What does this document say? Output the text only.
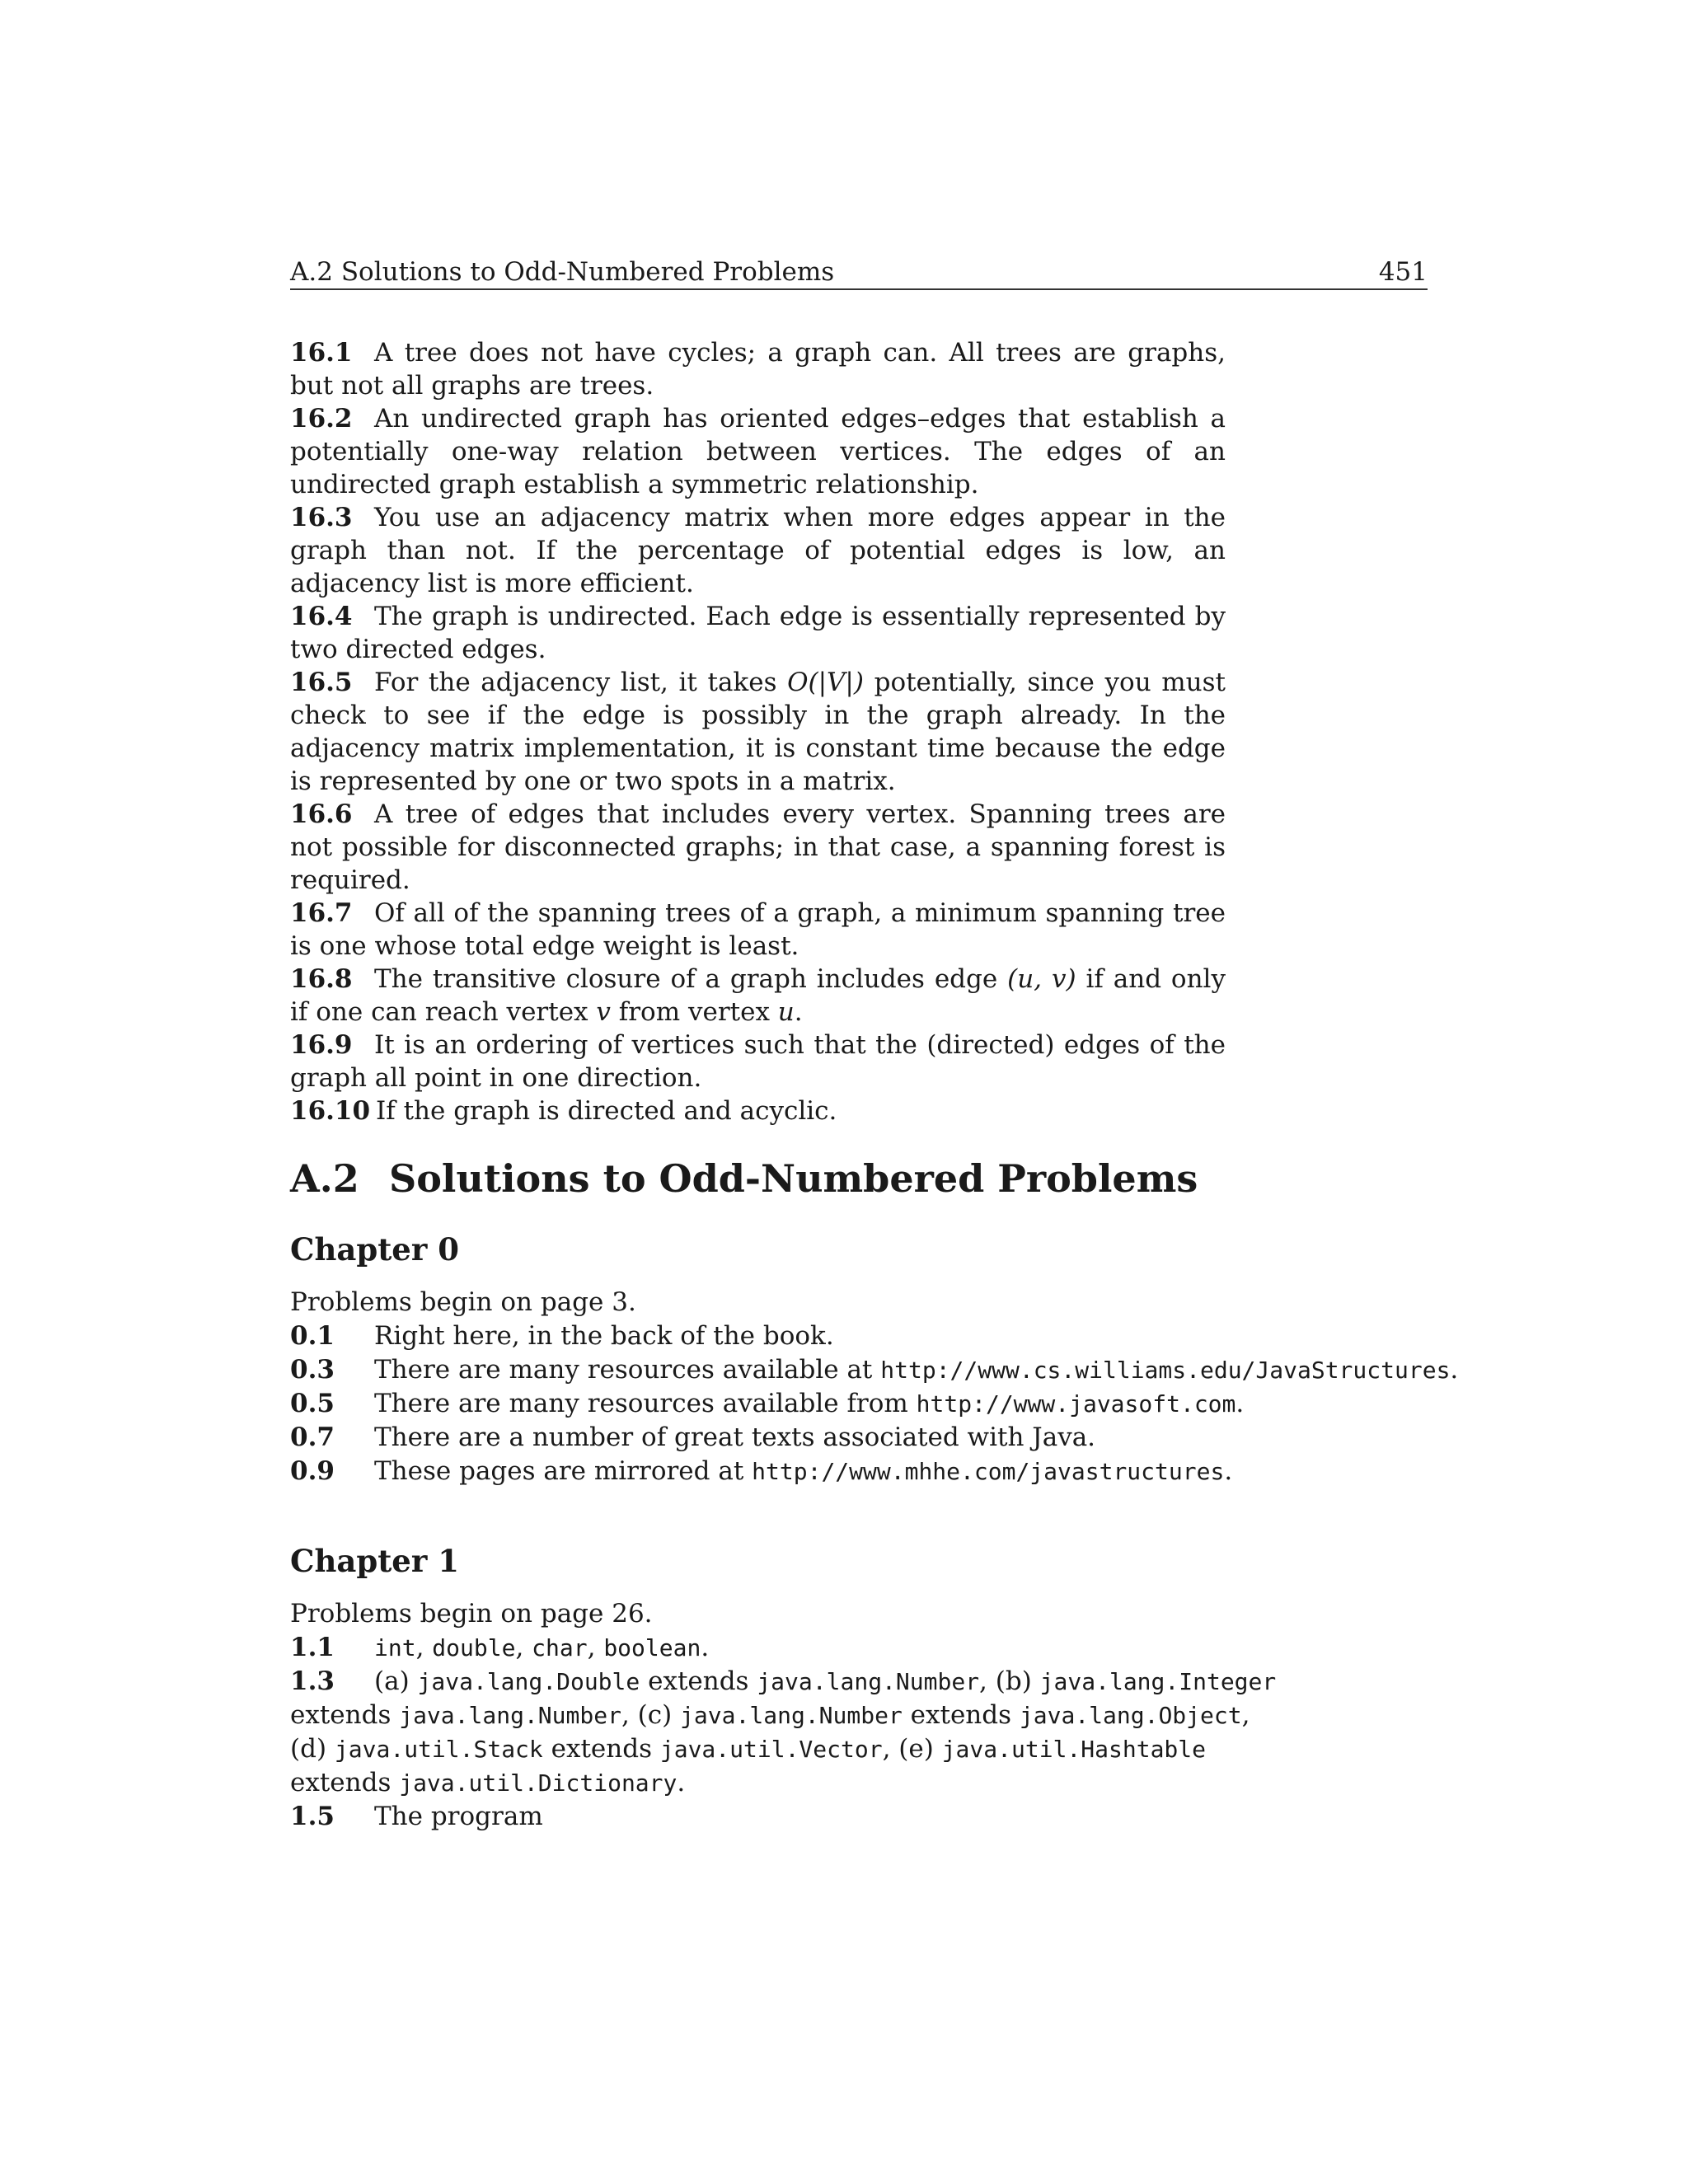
A.2 Solutions to Odd-Numbered Problems	451

16.1 A tree does not have cycles; a graph can. All trees are graphs, but not all graphs are trees.

16.2 An undirected graph has oriented edges–edges that establish a potentially one-way relation between vertices. The edges of an undirected graph establish a symmetric relationship.

16.3 You use an adjacency matrix when more edges appear in the graph than not. If the percentage of potential edges is low, an adjacency list is more efficient.

16.4 The graph is undirected. Each edge is essentially represented by two directed edges.

16.5 For the adjacency list, it takes O(|V|) potentially, since you must check to see if the edge is possibly in the graph already. In the adjacency matrix implementation, it is constant time because the edge is represented by one or two spots in a matrix.

16.6 A tree of edges that includes every vertex. Spanning trees are not possible for disconnected graphs; in that case, a spanning forest is required.

16.7 Of all of the spanning trees of a graph, a minimum spanning tree is one whose total edge weight is least.

16.8 The transitive closure of a graph includes edge (u, v) if and only if one can reach vertex v from vertex u.

16.9 It is an ordering of vertices such that the (directed) edges of the graph all point in one direction.

16.10 If the graph is directed and acyclic.

A.2 Solutions to Odd-Numbered Problems
Chapter 0

Problems begin on page 3.

0.1 Right here, in the back of the book.

0.3 There are many resources available at http://www.cs.williams.edu/JavaStructures.

0.5 There are many resources available from http://www.javasoft.com.

0.7 There are a number of great texts associated with Java.

0.9 These pages are mirrored at http://www.mhhe.com/javastructures.

Chapter 1

Problems begin on page 26.

1.1 int, double, char, boolean.

1.3 (a) java.lang.Double extends java.lang.Number, (b) java.lang.Integer

extends java.lang.Number, (c) java.lang.Number extends java.lang.Object,

(d) java.util.Stack extends java.util.Vector, (e) java.util.Hashtable

extends java.util.Dictionary.

1.5 The program
